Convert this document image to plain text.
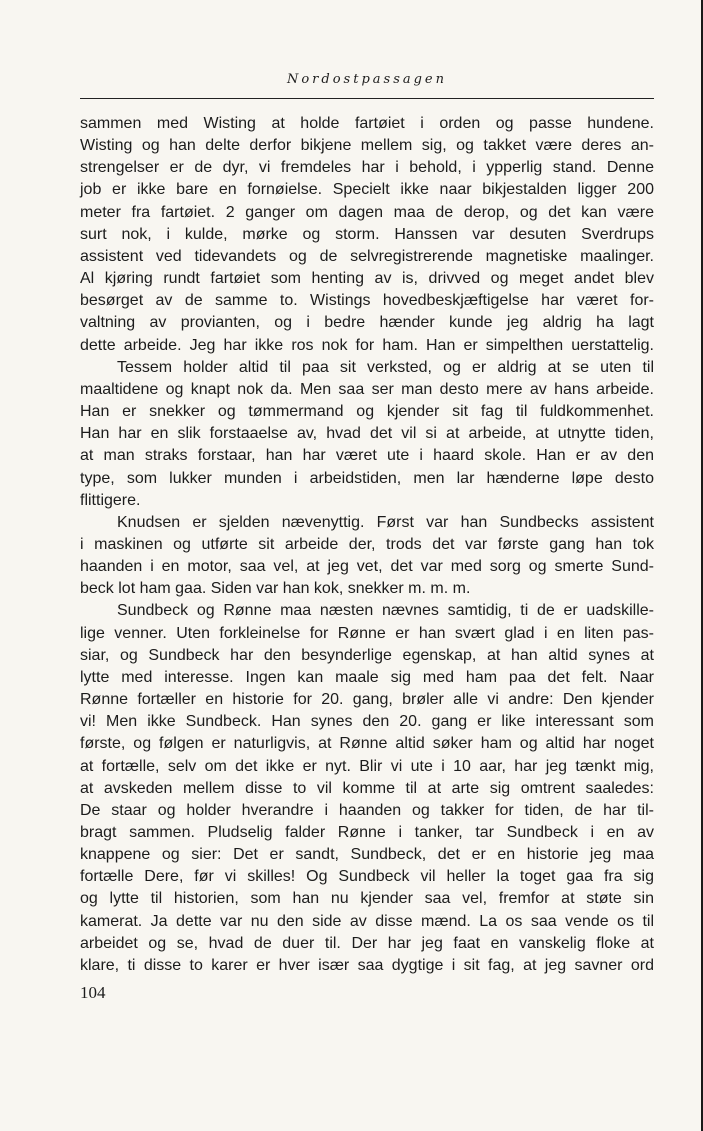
Nordostpassagen

sammen med Wisting at holde fartøiet i orden og passe hundene.

Wisting og han delte derfor bikjene mellem sig, og takket være deres an-

strengelser er de dyr, vi fremdeles har i behold, i ypperlig stand. Denne

job er ikke bare en fornøielse. Specielt ikke naar bikjestalden ligger 200

meter fra fartøiet. 2 ganger om dagen maa de derop, og det kan være

surt nok, i kulde, mørke og storm. Hanssen var desuten Sverdrups

assistent ved tidevandets og de selvregistrerende magnetiske maalinger.

Al kjøring rundt fartøiet som henting av is, drivved og meget andet blev

besørget av de samme to. Wistings hovedbeskjæftigelse har været for-

valtning av provianten, og i bedre hænder kunde jeg aldrig ha lagt

dette arbeide. Jeg har ikke ros nok for ham. Han er simpelthen uerstattelig.

Tessem holder altid til paa sit verksted, og er aldrig at se uten til

maaltidene og knapt nok da. Men saa ser man desto mere av hans arbeide.

Han er snekker og tømmermand og kjender sit fag til fuldkommenhet.

Han har en slik forstaaelse av, hvad det vil si at arbeide, at utnytte tiden,

at man straks forstaar, han har været ute i haard skole. Han er av den

type, som lukker munden i arbeidstiden, men lar hænderne løpe desto

flittigere.

Knudsen er sjelden nævenyttig. Først var han Sundbecks assistent

i maskinen og utførte sit arbeide der, trods det var første gang han tok

haanden i en motor, saa vel, at jeg vet, det var med sorg og smerte Sund-

beck lot ham gaa. Siden var han kok, snekker m. m. m.

Sundbeck og Rønne maa næsten nævnes samtidig, ti de er uadskille-

lige venner. Uten forkleinelse for Rønne er han svært glad i en liten pas-

siar, og Sundbeck har den besynderlige egenskap, at han altid synes at

lytte med interesse. Ingen kan maale sig med ham paa det felt. Naar

Rønne fortæller en historie for 20. gang, brøler alle vi andre: Den kjender

vi! Men ikke Sundbeck. Han synes den 20. gang er like interessant som

første, og følgen er naturligvis, at Rønne altid søker ham og altid har noget

at fortælle, selv om det ikke er nyt. Blir vi ute i 10 aar, har jeg tænkt mig,

at avskeden mellem disse to vil komme til at arte sig omtrent saaledes:

De staar og holder hverandre i haanden og takker for tiden, de har til-

bragt sammen. Pludselig falder Rønne i tanker, tar Sundbeck i en av

knappene og sier: Det er sandt, Sundbeck, det er en historie jeg maa

fortælle Dere, før vi skilles! Og Sundbeck vil heller la toget gaa fra sig

og lytte til historien, som han nu kjender saa vel, fremfor at støte sin

kamerat. Ja dette var nu den side av disse mænd. La os saa vende os til

arbeidet og se, hvad de duer til. Der har jeg faat en vanskelig floke at

klare, ti disse to karer er hver især saa dygtige i sit fag, at jeg savner ord

104
